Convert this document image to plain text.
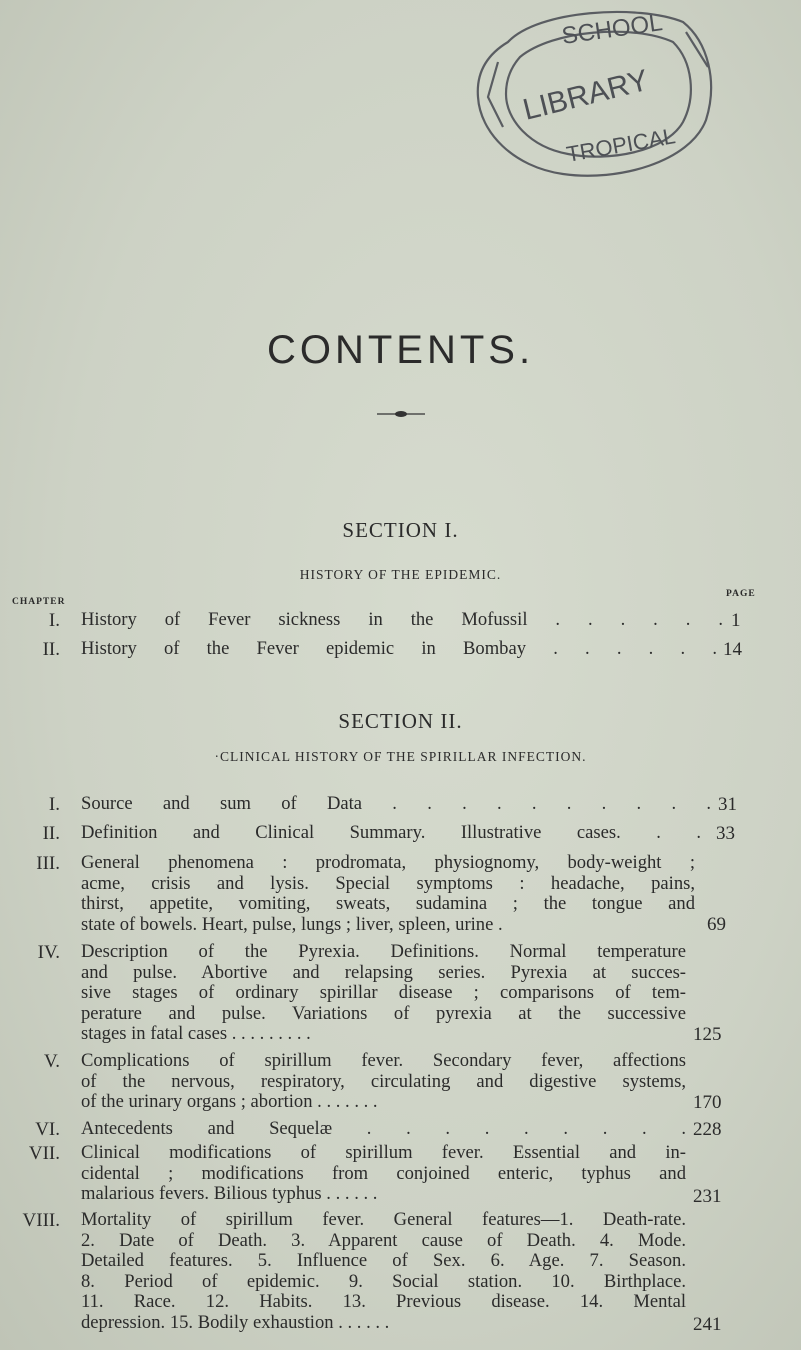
SCHOOL
LIBRARY
TROPICAL
CONTENTS.
SECTION I.
HISTORY OF THE EPIDEMIC.
CHAPTER
PAGE
I. History of Fever sickness in the Mofussil . . . . . . 1
II. History of the Fever epidemic in Bombay . . . . . . 14
SECTION II.
·CLINICAL HISTORY OF THE SPIRILLAR INFECTION.
I. Source and sum of Data . . . . . . . . . . 31
II. Definition and Clinical Summary. Illustrative cases. . . 33
III. General phenomena : prodromata, physiognomy, body-weight ;
acme, crisis and lysis. Special symptoms : headache, pains,
thirst, appetite, vomiting, sweats, sudamina ; the tongue and
state of bowels. Heart, pulse, lungs ; liver, spleen, urine .	69
IV. Description of the Pyrexia. Definitions. Normal temperature
and pulse. Abortive and relapsing series. Pyrexia at succes-
sive stages of ordinary spirillar disease ; comparisons of tem-
perature and pulse. Variations of pyrexia at the successive
stages in fatal cases . . . . . . . . .	125
V. Complications of spirillum fever. Secondary fever, affections
of the nervous, respiratory, circulating and digestive systems,
of the urinary organs ; abortion . . . . . . .	170
VI. Antecedents and Sequelæ . . . . . . . . . 228
VII. Clinical modifications of spirillum fever. Essential and in-
cidental ; modifications from conjoined enteric, typhus and
malarious fevers. Bilious typhus . . . . . .	231
VIII. Mortality of spirillum fever. General features—1. Death-rate.
2. Date of Death. 3. Apparent cause of Death. 4. Mode.
Detailed features. 5. Influence of Sex. 6. Age. 7. Season.
8. Period of epidemic. 9. Social station. 10. Birthplace.
11. Race. 12. Habits. 13. Previous disease. 14. Mental
depression. 15. Bodily exhaustion . . . . . .	241
